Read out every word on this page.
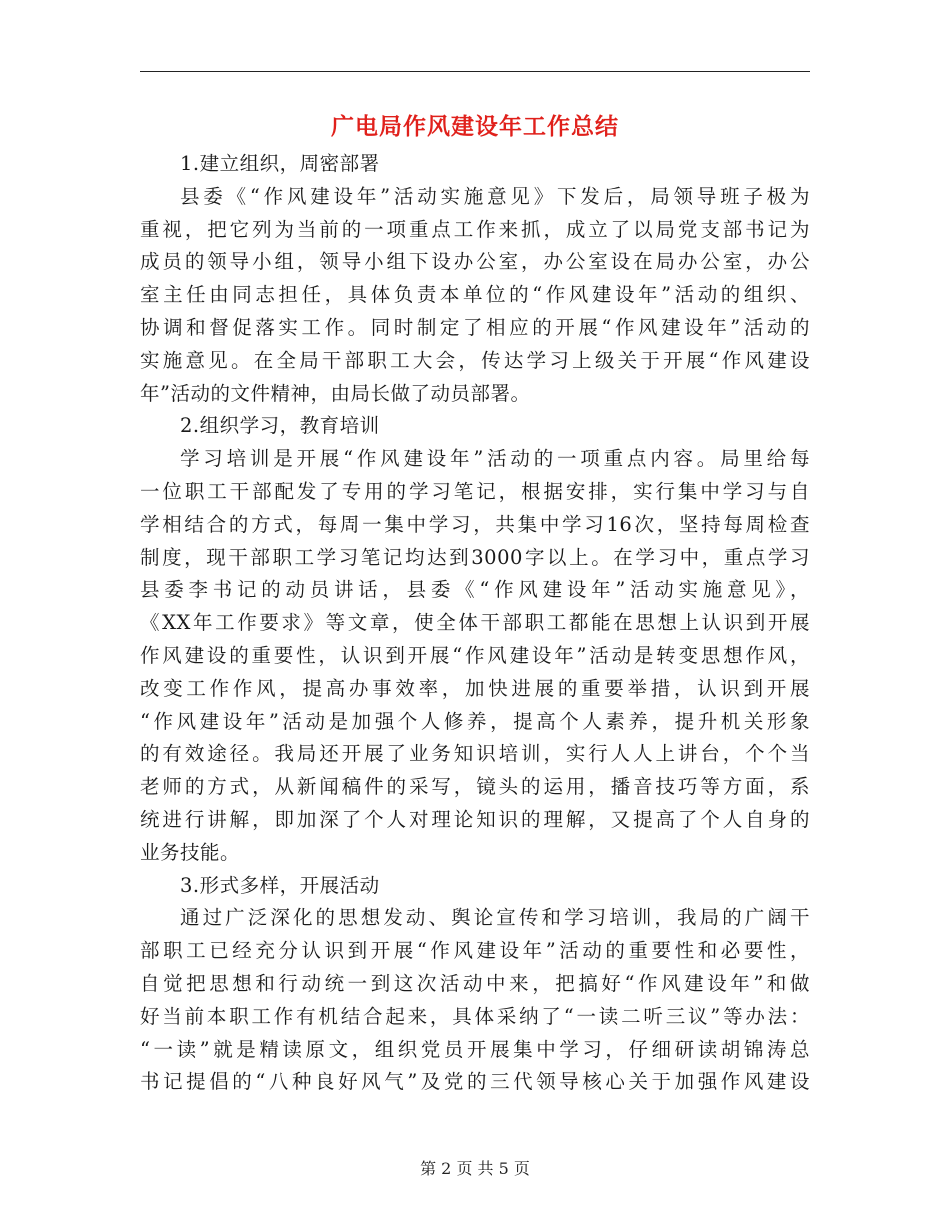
广电局作风建设年工作总结
1.建立组织，周密部署
县委《“作风建设年”活动实施意见》下发后，局领导班子极为
重视，把它列为当前的一项重点工作来抓，成立了以局党支部书记为
成员的领导小组，领导小组下设办公室，办公室设在局办公室，办公
室主任由同志担任，具体负责本单位的“作风建设年”活动的组织、
协调和督促落实工作。同时制定了相应的开展“作风建设年”活动的
实施意见。在全局干部职工大会，传达学习上级关于开展“作风建设
年”活动的文件精神，由局长做了动员部署。
2.组织学习，教育培训
学习培训是开展“作风建设年”活动的一项重点内容。局里给每
一位职工干部配发了专用的学习笔记，根据安排，实行集中学习与自
学相结合的方式，每周一集中学习，共集中学习16次，坚持每周检查
制度，现干部职工学习笔记均达到3000字以上。在学习中，重点学习
县委李书记的动员讲话，县委《“作风建设年”活动实施意见》，
《XX年工作要求》等文章，使全体干部职工都能在思想上认识到开展
作风建设的重要性，认识到开展“作风建设年”活动是转变思想作风，
改变工作作风，提高办事效率，加快进展的重要举措，认识到开展
“作风建设年”活动是加强个人修养，提高个人素养，提升机关形象
的有效途径。我局还开展了业务知识培训，实行人人上讲台，个个当
老师的方式，从新闻稿件的采写，镜头的运用，播音技巧等方面，系
统进行讲解，即加深了个人对理论知识的理解，又提高了个人自身的
业务技能。
3.形式多样，开展活动
通过广泛深化的思想发动、舆论宣传和学习培训，我局的广阔干
部职工已经充分认识到开展“作风建设年”活动的重要性和必要性，
自觉把思想和行动统一到这次活动中来，把搞好“作风建设年”和做
好当前本职工作有机结合起来，具体采纳了“一读二听三议”等办法：
“一读”就是精读原文，组织党员开展集中学习，仔细研读胡锦涛总
书记提倡的“八种良好风气”及党的三代领导核心关于加强作风建设
第 2 页 共 5 页
